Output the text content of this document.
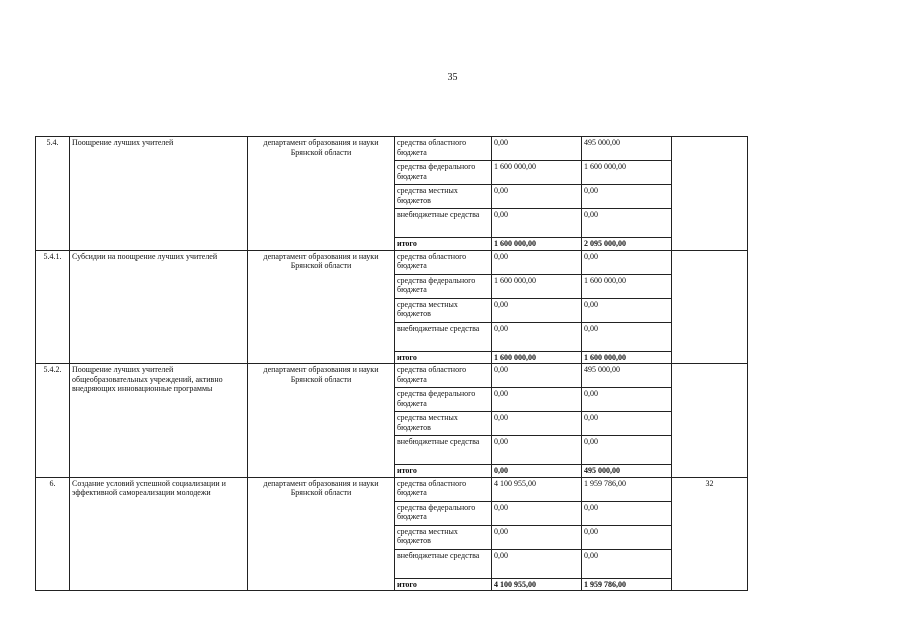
35
5.4.	Поощрение лучших учителей	департамент образования и науки Брянской области	средства областного бюджета	0,00	495 000,00	
			средства федерального бюджета	1 600 000,00	1 600 000,00	
			средства местных бюджетов	0,00	0,00	
			внебюджетные средства	0,00	0,00	
			итого	1 600 000,00	2 095 000,00	
5.4.1.	Субсидии на поощрение лучших учителей	департамент образования и науки Брянской области	средства областного бюджета	0,00	0,00	
			средства федерального бюджета	1 600 000,00	1 600 000,00	
			средства местных бюджетов	0,00	0,00	
			внебюджетные средства	0,00	0,00	
			итого	1 600 000,00	1 600 000,00	
5.4.2.	Поощрение лучших учителей общеобразовательных учреждений, активно внедряющих инновационные программы	департамент образования и науки Брянской области	средства областного бюджета	0,00	495 000,00	
			средства федерального бюджета	0,00	0,00	
			средства местных бюджетов	0,00	0,00	
			внебюджетные средства	0,00	0,00	
			итого	0,00	495 000,00	
6.	Создание условий успешной социализации и эффективной самореализации молодежи	департамент образования и науки Брянской области	средства областного бюджета	4 100 955,00	1 959 786,00	32
			средства федерального бюджета	0,00	0,00	
			средства местных бюджетов	0,00	0,00	
			внебюджетные средства	0,00	0,00	
			итого	4 100 955,00	1 959 786,00	
